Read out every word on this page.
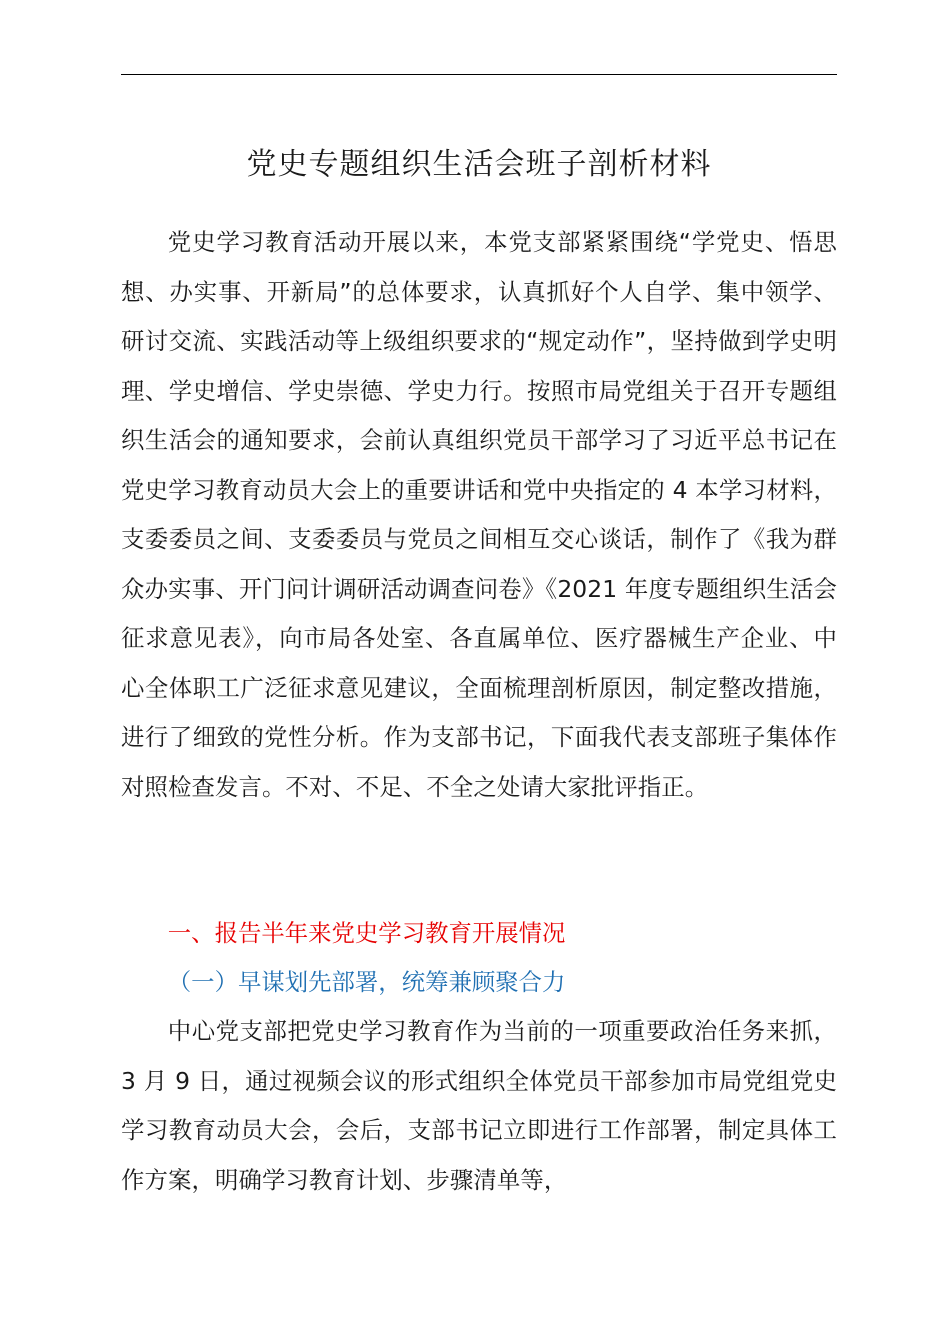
党史专题组织生活会班子剖析材料

党史学习教育活动开展以来，本党支部紧紧围绕“学党史、悟思想、办实事、开新局”的总体要求，认真抓好个人自学、集中领学、研讨交流、实践活动等上级组织要求的“规定动作”，坚持做到学史明理、学史增信、学史崇德、学史力行。按照市局党组关于召开专题组织生活会的通知要求，会前认真组织党员干部学习了习近平总书记在党史学习教育动员大会上的重要讲话和党中央指定的 4 本学习材料，支委委员之间、支委委员与党员之间相互交心谈话，制作了《我为群众办实事、开门问计调研活动调查问卷》《2021 年度专题组织生活会征求意见表》，向市局各处室、各直属单位、医疗器械生产企业、中心全体职工广泛征求意见建议，全面梳理剖析原因，制定整改措施，进行了细致的党性分析。作为支部书记，下面我代表支部班子集体作对照检查发言。不对、不足、不全之处请大家批评指正。

一、报告半年来党史学习教育开展情况

（一）早谋划先部署，统筹兼顾聚合力

中心党支部把党史学习教育作为当前的一项重要政治任务来抓，3 月 9 日，通过视频会议的形式组织全体党员干部参加市局党组党史学习教育动员大会，会后，支部书记立即进行工作部署，制定具体工作方案，明确学习教育计划、步骤清单等，
